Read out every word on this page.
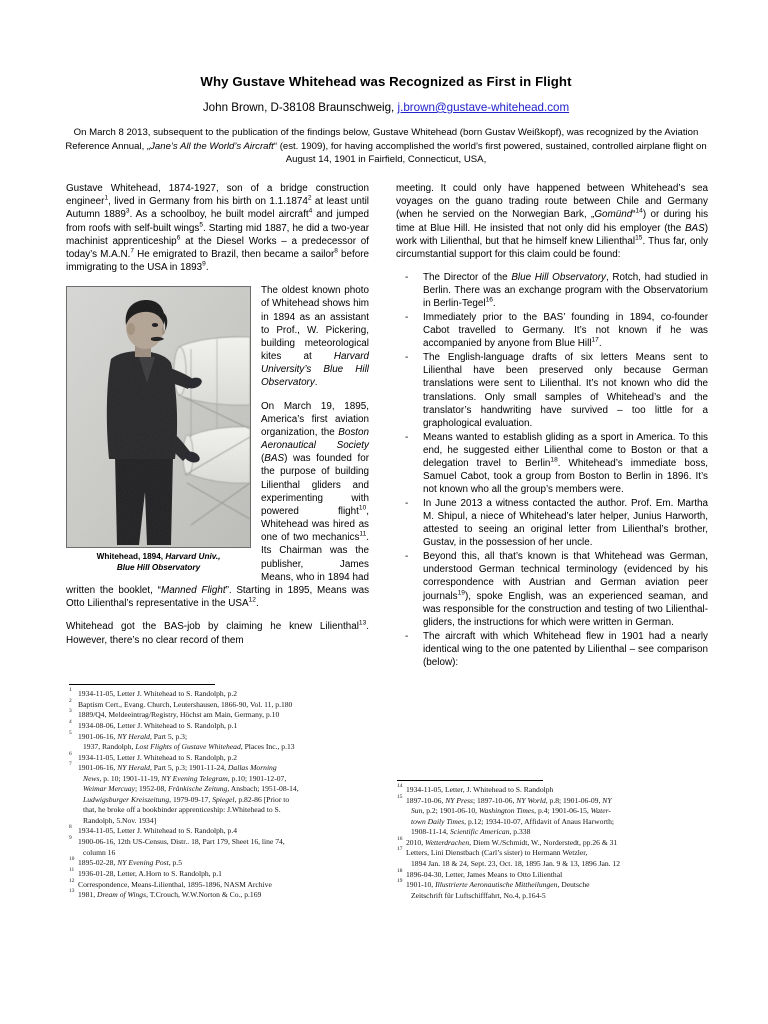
Why Gustave Whitehead was Recognized as First in Flight
John Brown, D-38108 Braunschweig, j.brown@gustave-whitehead.com

On March 8 2013, subsequent to the publication of the findings below, Gustave Whitehead (born Gustav Weißkopf), was recognized by the Aviation Reference Annual, „Jane’s All the World’s Aircraft“ (est. 1909), for having accomplished the world’s first powered, sustained, controlled airplane flight on August 14, 1901 in Fairfield, Connecticut, USA,

Gustave Whitehead, 1874-1927, son of a bridge construction engineer$^1$, lived in Germany from his birth on 1.1.1874$^2$ at least until Autumn 1889$^3$. As a schoolboy, he built model aircraft$^4$ and jumped from roofs with self-built wings$^5$. Starting mid 1887, he did a two-year machinist apprenticeship$^6$ at the Diesel Works – a predecessor of today’s M.A.N.$^7$ He emigrated to Brazil, then became a sailor$^8$ before immigrating to the USA in 1893$^9$.

Whitehead, 1894, Harvard Univ.,
Blue Hill Observatory

The oldest known photo of Whitehead shows him in 1894 as an assistant to Prof., W. Pickering, building meteorological kites at Harvard University’s Blue Hill Observatory.

On March 19, 1895, America’s first aviation organization, the Boston Aeronautical Society (BAS) was founded for the purpose of building Lilienthal gliders and experimenting with powered flight$^{10}$, Whitehead was hired as one of two mechanics$^{11}$. Its Chairman was the publisher, James Means, who in 1894 had written the booklet, “Manned Flight”. Starting in 1895, Means was Otto Lilienthal’s representative in the USA$^{12}$.

Whitehead got the BAS-job by claiming he knew Lilienthal$^{13}$. However, there’s no clear record of them

meeting. It could only have happened between Whitehead’s sea voyages on the guano trading route between Chile and Germany (when he servied on the Norwegian Bark, „Gomünd“$^{14}$) or during his time at Blue Hill. He insisted that not only did his employer (the BAS) work with Lilienthal, but that he himself knew Lilienthal$^{15}$. Thus far, only circumstantial support for this claim could be found:

- The Director of the Blue Hill Observatory, Rotch, had studied in Berlin. There was an exchange program with the Observatorium in Berlin-Tegel$^{16}$.
- Immediately prior to the BAS’ founding in 1894, co-founder Cabot travelled to Germany. It’s not known if he was accompanied by anyone from Blue Hill$^{17}$.
- The English-language drafts of six letters Means sent to Lilienthal have been preserved only because German translations were sent to Lilienthal. It’s not known who did the translations. Only small samples of Whitehead’s and the translator’s handwriting have survived – too little for a graphological evaluation.
- Means wanted to establish gliding as a sport in America. To this end, he suggested either Lilienthal come to Boston or that a delegation travel to Berlin$^{18}$. Whitehead’s immediate boss, Samuel Cabot, took a group from Boston to Berlin in 1896. It’s not known who all the group’s members were.
- In June 2013 a witness contacted the author. Prof. Em. Martha M. Shipul, a niece of Whitehead’s later helper, Junius Harworth, attested to seeing an original letter from Lilienthal’s brother, Gustav, in the possession of her uncle.
- Beyond this, all that’s known is that Whitehead was German, understood German technical terminology (evidenced by his correspondence with Austrian and German aviation peer journals$^{19}$), spoke English, was an experienced seaman, and was responsible for the construction and testing of two Lilienthal-gliders, the instructions for which were written in German.
- The aircraft with which Whitehead flew in 1901 had a nearly identical wing to the one patented by Lilienthal – see comparison (below):
1 1934-11-05, Letter J. Whitehead to S. Randolph, p.2
2 Baptism Cert., Evang. Church, Leutershausen, 1866-90, Vol. 11, p.180
3 1889/Q4, Meldeeintrag/Registry, Höchst am Main, Germany, p.10
4 1934-08-06, Letter J. Whitehead to S. Randolph, p.1
5 1901-06-16, NY Herald, Part 5, p.3;
1937, Randolph, Lost Flights of Gustave Whitehead, Places Inc., p.13
6 1934-11-05, Letter J. Whitehead to S. Randolph, p.2
7 1901-06-16, NY Herald, Part 5, p.3; 1901-11-24, Dallas Morning
News, p. 10; 1901-11-19, NY Evening Telegram, p.10; 1901-12-07,
Weimar Mercuay; 1952-08, Fränkische Zeitung, Ansbach; 1951-08-14,
Ludwigsburger Kreiszeitung, 1979-09-17, Spiegel, p.82-86 [Prior to
that, he broke off a bookbinder apprenticeship: J.Whitehead to S.
Randolph, 5.Nov. 1934]
8 1934-11-05, Letter J. Whitehead to S. Randolph, p.4
9 1900-06-16, 12th US-Census, Distr.. 18, Part 179, Sheet 16, line 74,
column 16
10 1895-02-28, NY Evening Post, p.5
11 1936-01-28, Letter, A.Horn to S. Randolph, p.1
12 Correspondence, Means-Lilienthal, 1895-1896, NASM Archive
13 1981, Dream of Wings, T.Crouch, W.W.Norton & Co., p.169
14 1934-11-05, Letter, J. Whitehead to S. Randolph
15 1897-10-06, NY Press; 1897-10-06, NY World, p.8; 1901-06-09, NY
Sun, p.2; 1901-06-10, Washington Times, p.4; 1901-06-15, Water-
town Daily Times, p.12; 1934-10-07, Affidavit of Anaus Harworth;
1908-11-14, Scientific American, p.338
16 2010, Wetterdrachen, Diem W./Schmidt, W., Norderstedt, pp.26 & 31
17 Letters, Lini Dienstbach (Carl’s sister) to Hermann Wetzler,
1894 Jan. 18 & 24, Sept. 23, Oct. 18, 1895 Jan. 9 & 13, 1896 Jan. 12
18 1896-04-30, Letter, James Means to Otto Lilienthal
19 1901-10, Illustrierte Aeronautische Mittheilungen, Deutsche
Zeitschrift für Luftschifffahrt, No.4, p.164-5
